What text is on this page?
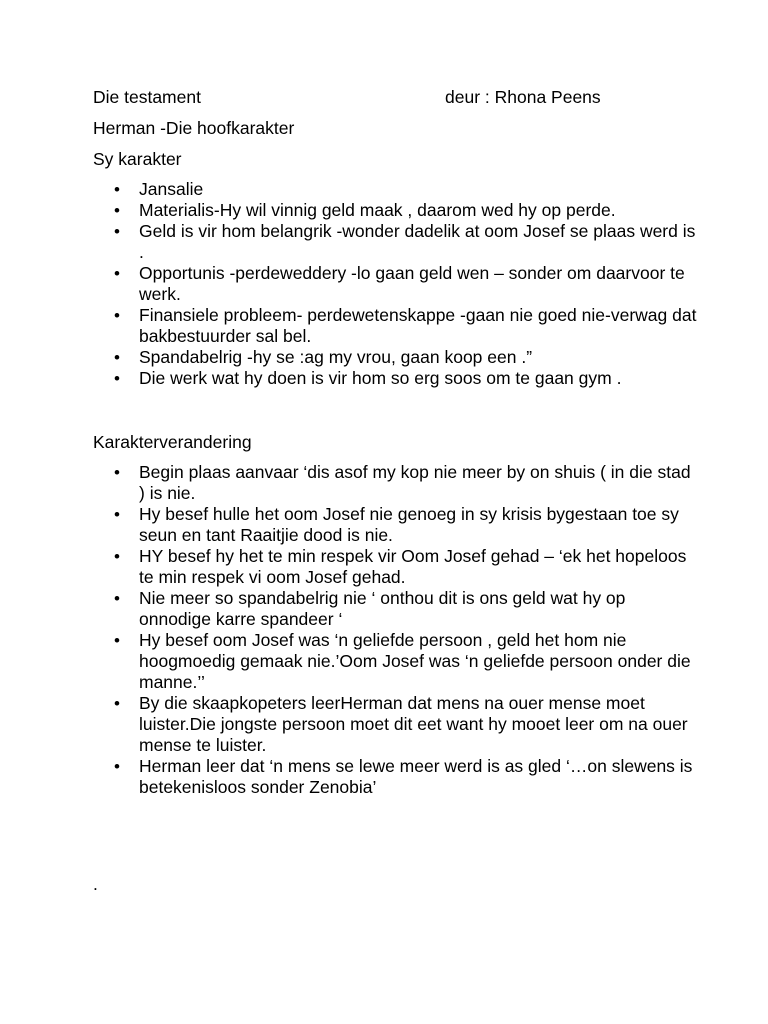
Die testament	deur : Rhona Peens
Herman -Die hoofkarakter
Sy karakter
• Jansalie
• Materialis-Hy wil vinnig geld maak , daarom wed hy op perde.
• Geld is vir hom belangrik -wonder dadelik at oom Josef se plaas werd is .
• Opportunis -perdeweddery -lo gaan geld wen – sonder om daarvoor te werk.
• Finansiele probleem- perdewetenskappe -gaan nie goed nie-verwag dat bakbestuurder sal bel.
• Spandabelrig -hy se :ag my vrou, gaan koop een .”
• Die werk wat hy doen is vir hom so erg soos om te gaan gym .
Karakterverandering
• Begin plaas aanvaar ‘dis asof my kop nie meer by on shuis ( in die stad ) is nie.
• Hy besef hulle het oom Josef nie genoeg in sy krisis bygestaan toe sy seun en tant Raaitjie dood is nie.
• HY besef hy het te min respek vir Oom Josef gehad – ‘ek het hopeloos te min respek vi oom Josef gehad.
• Nie meer so spandabelrig nie ‘ onthou dit is ons geld wat hy op onnodige karre spandeer ‘
• Hy besef oom Josef was ‘n geliefde persoon , geld het hom nie hoogmoedig gemaak nie.’Oom Josef was ‘n geliefde persoon onder die manne.’’
• By die skaapkopeters leerHerman dat mens na ouer mense moet luister.Die jongste persoon moet dit eet want hy mooet leer om na ouer mense te luister.
• Herman leer dat ‘n mens se lewe meer werd is as gled ‘…on slewens is betekenisloos sonder Zenobia’
.
